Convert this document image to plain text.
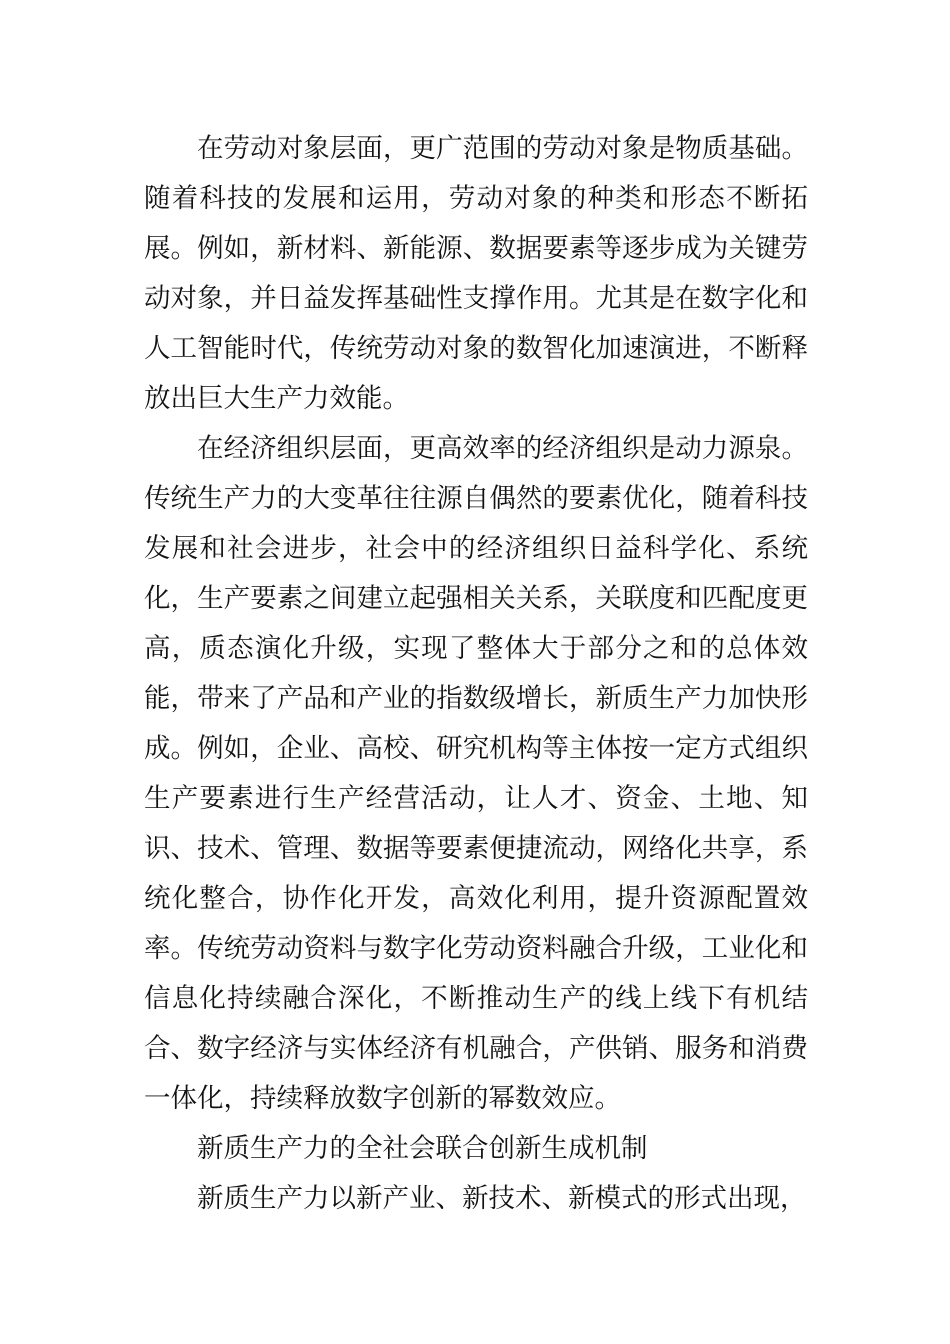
在劳动对象层面，更广范围的劳动对象是物质基础。随着科技的发展和运用，劳动对象的种类和形态不断拓展。例如，新材料、新能源、数据要素等逐步成为关键劳动对象，并日益发挥基础性支撑作用。尤其是在数字化和人工智能时代，传统劳动对象的数智化加速演进，不断释放出巨大生产力效能。

在经济组织层面，更高效率的经济组织是动力源泉。传统生产力的大变革往往源自偶然的要素优化，随着科技发展和社会进步，社会中的经济组织日益科学化、系统化，生产要素之间建立起强相关关系，关联度和匹配度更高，质态演化升级，实现了整体大于部分之和的总体效能，带来了产品和产业的指数级增长，新质生产力加快形成。例如，企业、高校、研究机构等主体按一定方式组织生产要素进行生产经营活动，让人才、资金、土地、知识、技术、管理、数据等要素便捷流动，网络化共享，系统化整合，协作化开发，高效化利用，提升资源配置效率。传统劳动资料与数字化劳动资料融合升级，工业化和信息化持续融合深化，不断推动生产的线上线下有机结合、数字经济与实体经济有机融合，产供销、服务和消费一体化，持续释放数字创新的幂数效应。

新质生产力的全社会联合创新生成机制

新质生产力以新产业、新技术、新模式的形式出现，
